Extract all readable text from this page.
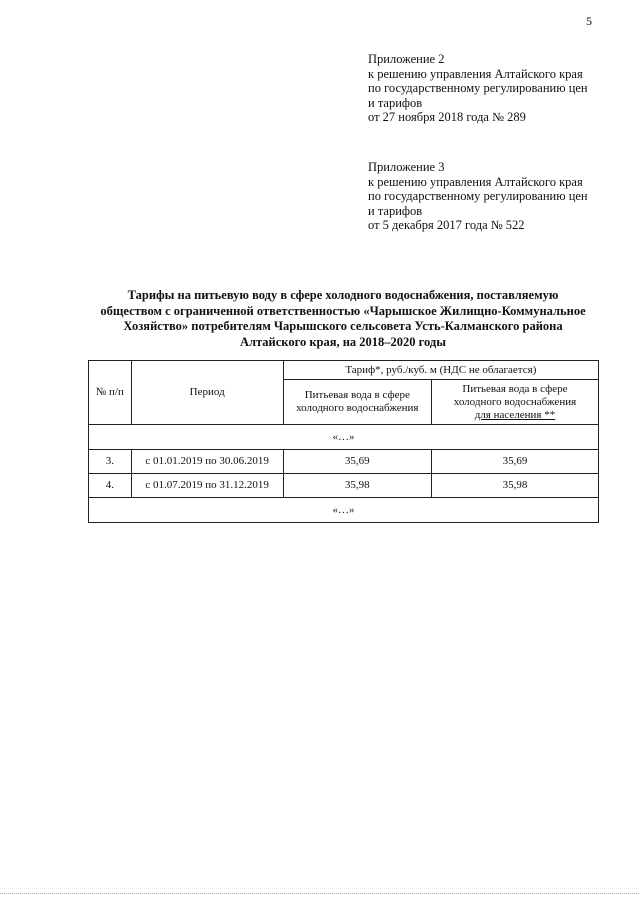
5
Приложение 2
к решению управления Алтайского края
по государственному регулированию цен
и тарифов
от 27 ноября 2018 года № 289
Приложение 3
к решению управления Алтайского края
по государственному регулированию цен
и тарифов
от 5 декабря 2017 года № 522
Тарифы на питьевую воду в сфере холодного водоснабжения, поставляемую
обществом с ограниченной ответственностью «Чарышское Жилищно-Коммунальное
Хозяйство» потребителям Чарышского сельсовета Усть-Калманского района
Алтайского края, на 2018–2020 годы
№ п/п	Период	Тариф*, руб./куб. м (НДС не облагается)	
		Питьевая вода в сфере холодного водоснабжения	Питьевая вода в сфере
холодного водоснабжения
для населения **

«…»			
3.	с 01.01.2019 по 30.06.2019	35,69	35,69
4.	с 01.07.2019 по 31.12.2019	35,98	35,98
«…»			
